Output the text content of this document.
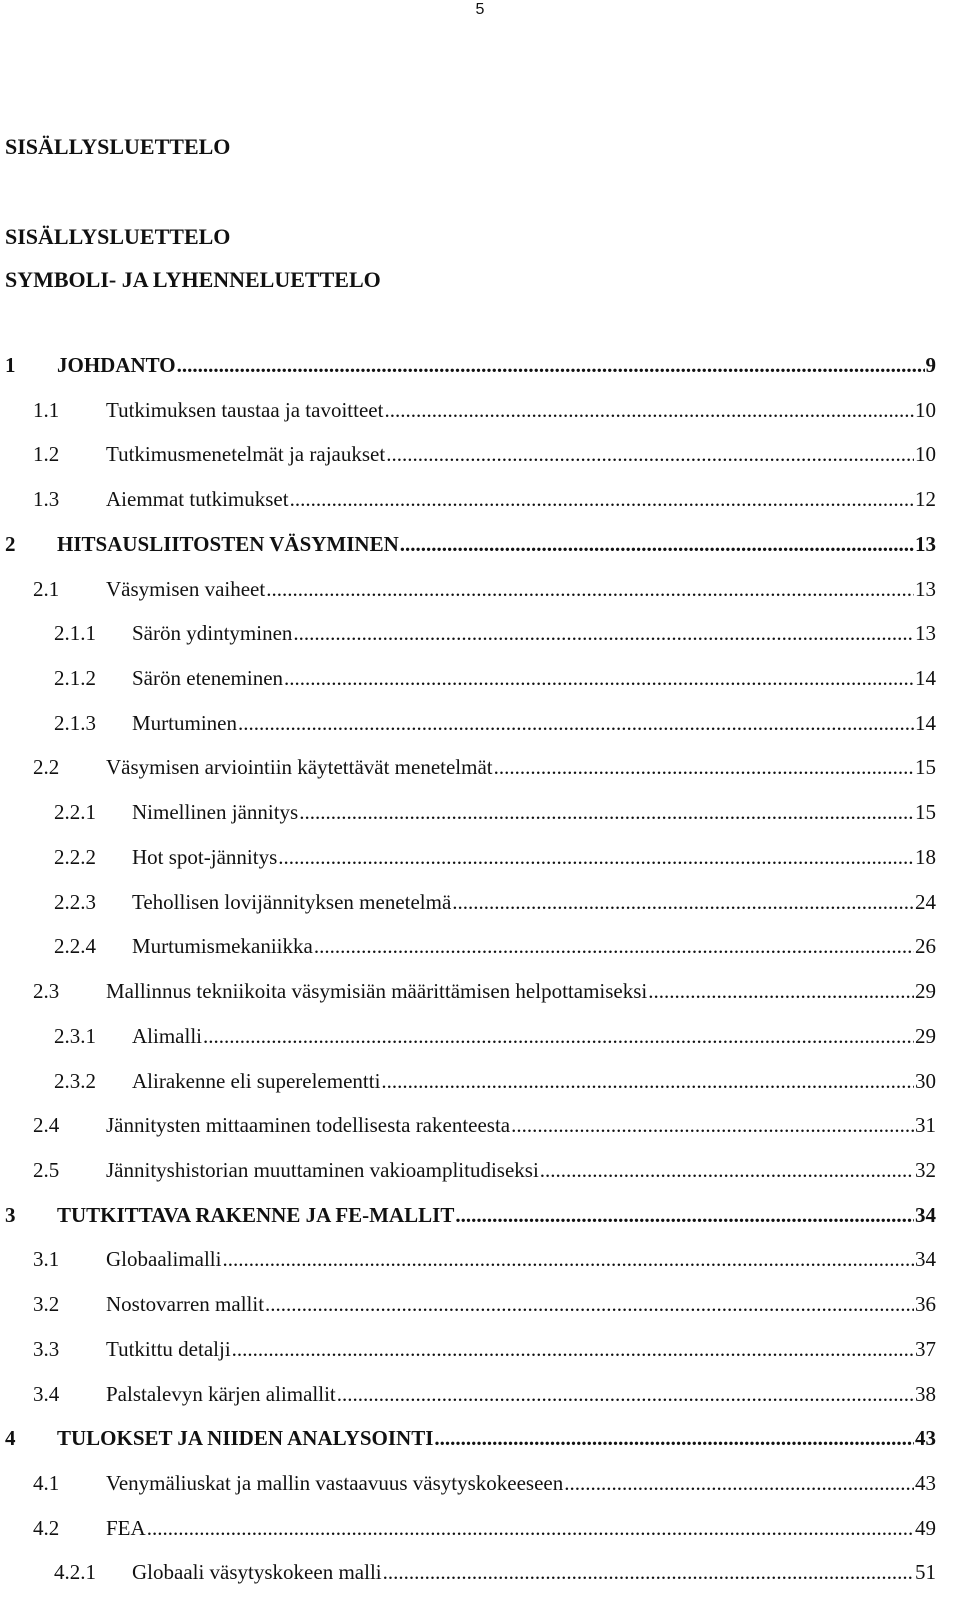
5
SISÄLLYSLUETTELO
SISÄLLYSLUETTELO
SYMBOLI- JA LYHENNELUETTELO
1 JOHDANTO .....	9
1.1 Tutkimuksen taustaa ja tavoitteet .....	10
1.2 Tutkimusmenetelmät ja rajaukset .....	10
1.3 Aiemmat tutkimukset .....	12
2 HITSAUSLIITOSTEN VÄSYMINEN .....	13
2.1 Väsymisen vaiheet .....	13
2.1.1 Särön ydintyminen .....	13
2.1.2 Särön eteneminen .....	14
2.1.3 Murtuminen .....	14
2.2 Väsymisen arviointiin käytettävät menetelmät .....	15
2.2.1 Nimellinen jännitys .....	15
2.2.2 Hot spot-jännitys .....	18
2.2.3 Tehollisen lovijännityksen menetelmä .....	24
2.2.4 Murtumismekaniikka .....	26
2.3 Mallinnus tekniikoita väsymisiän määrittämisen helpottamiseksi .....	29
2.3.1 Alimalli .....	29
2.3.2 Alirakenne eli superelementti .....	30
2.4 Jännitysten mittaaminen todellisesta rakenteesta .....	31
2.5 Jännityshistorian muuttaminen vakioamplitudiseksi .....	32
3 TUTKITTAVA RAKENNE JA FE-MALLIT .....	34
3.1 Globaalimalli .....	34
3.2 Nostovarren mallit .....	36
3.3 Tutkittu detalji .....	37
3.4 Palstalevyn kärjen alimallit .....	38
4 TULOKSET JA NIIDEN ANALYSOINTI .....	43
4.1 Venymäliuskat ja mallin vastaavuus väsytyskokeeseen .....	43
4.2 FEA .....	49
4.2.1 Globaali väsytyskokeen malli .....	51
